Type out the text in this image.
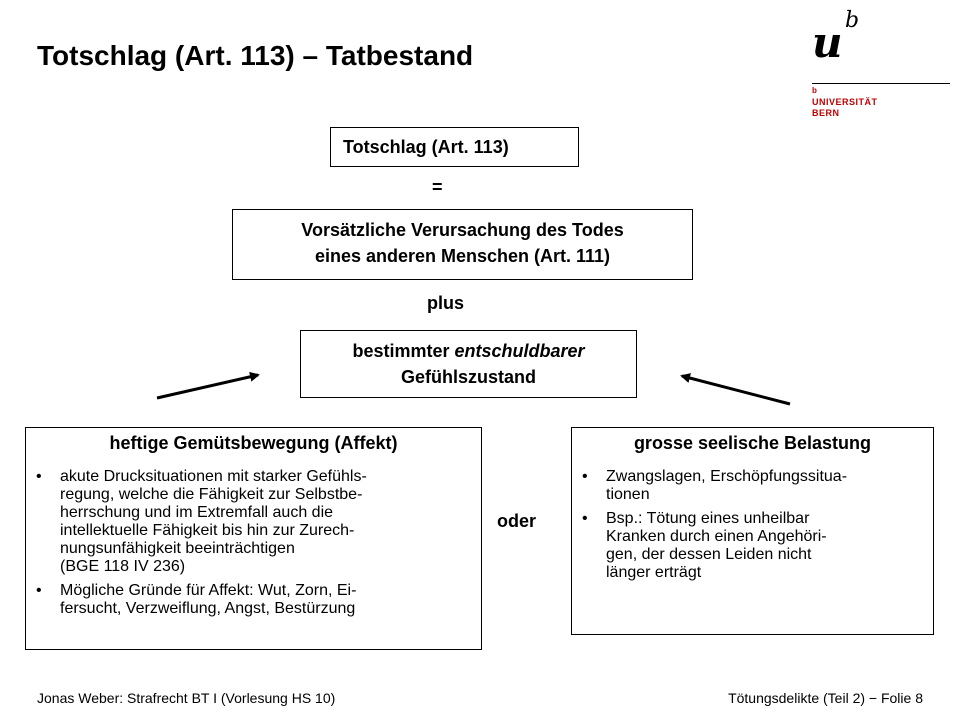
Totschlag (Art. 113) – Tatbestand	u b
b
UNIVERSITÄT
BERN
Totschlag (Art. 113)
=
Vorsätzliche Verursachung des Todes
eines anderen Menschen (Art. 111)
plus
bestimmter entschuldbarer
Gefühlszustand
heftige Gemütsbewegung (Affekt)
• akute Drucksituationen mit starker Gefühls-
regung, welche die Fähigkeit zur Selbstbe-
herrschung und im Extremfall auch die
intellektuelle Fähigkeit bis hin zur Zurech-
nungsunfähigkeit beeinträchtigen
(BGE 118 IV 236)
• Mögliche Gründe für Affekt: Wut, Zorn, Ei-
fersucht, Verzweiflung, Angst, Bestürzung
oder
grosse seelische Belastung
• Zwangslagen, Erschöpfungssitua-
tionen
• Bsp.: Tötung eines unheilbar
Kranken durch einen Angehöri-
gen, der dessen Leiden nicht
länger erträgt
Jonas Weber: Strafrecht BT I (Vorlesung HS 10)	Tötungsdelikte (Teil 2) − Folie 8
